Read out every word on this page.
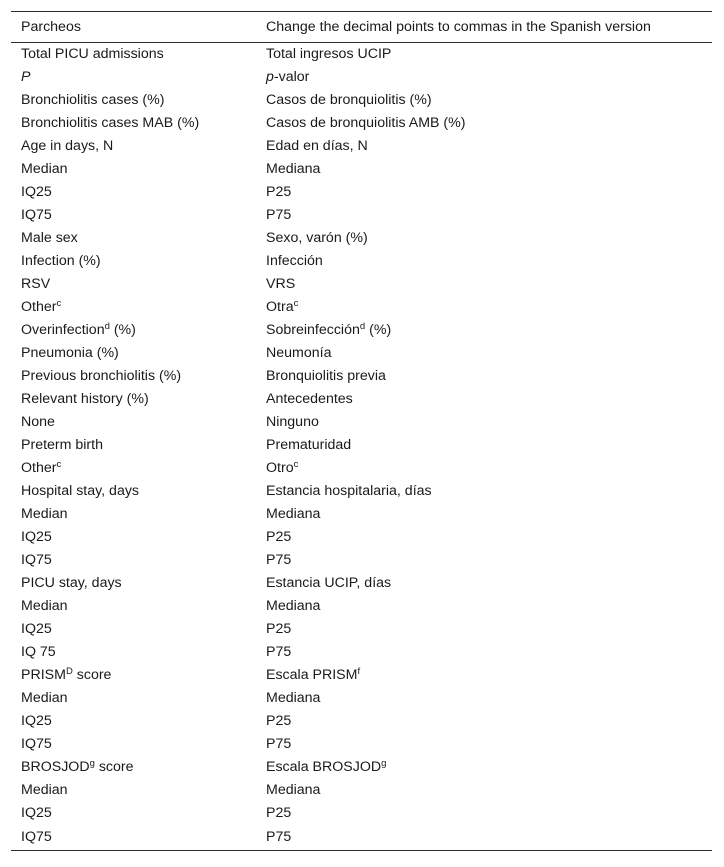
Parcheos	Change the decimal points to commas in the Spanish version
Total PICU admissions	Total ingresos UCIP
P	p-valor
Bronchiolitis cases (%)	Casos de bronquiolitis (%)
Bronchiolitis cases MAB (%)	Casos de bronquiolitis AMB (%)
Age in days, N	Edad en días, N
Median	Mediana
IQ25	P25
IQ75	P75
Male sex	Sexo, varón (%)
Infection (%)	Infección
RSV	VRS
Other$^c$	Otra$^c$
Overinfection$^d$ (%)	Sobreinfección$^d$ (%)
Pneumonia (%)	Neumonía
Previous bronchiolitis (%)	Bronquiolitis previa
Relevant history (%)	Antecedentes
None	Ninguno
Preterm birth	Prematuridad
Other$^c$	Otro$^c$
Hospital stay, days	Estancia hospitalaria, días
Median	Mediana
IQ25	P25
IQ75	P75
PICU stay, days	Estancia UCIP, días
Median	Mediana
IQ25	P25
IQ 75	P75
$PRISM^D$ score	Escala PRISM$^f$
Median	Mediana
IQ25	P25
IQ75	P75
BROSJOD$^g$ score	Escala BROSJOD$^g$
Median	Mediana
IQ25	P25
IQ75	P75
